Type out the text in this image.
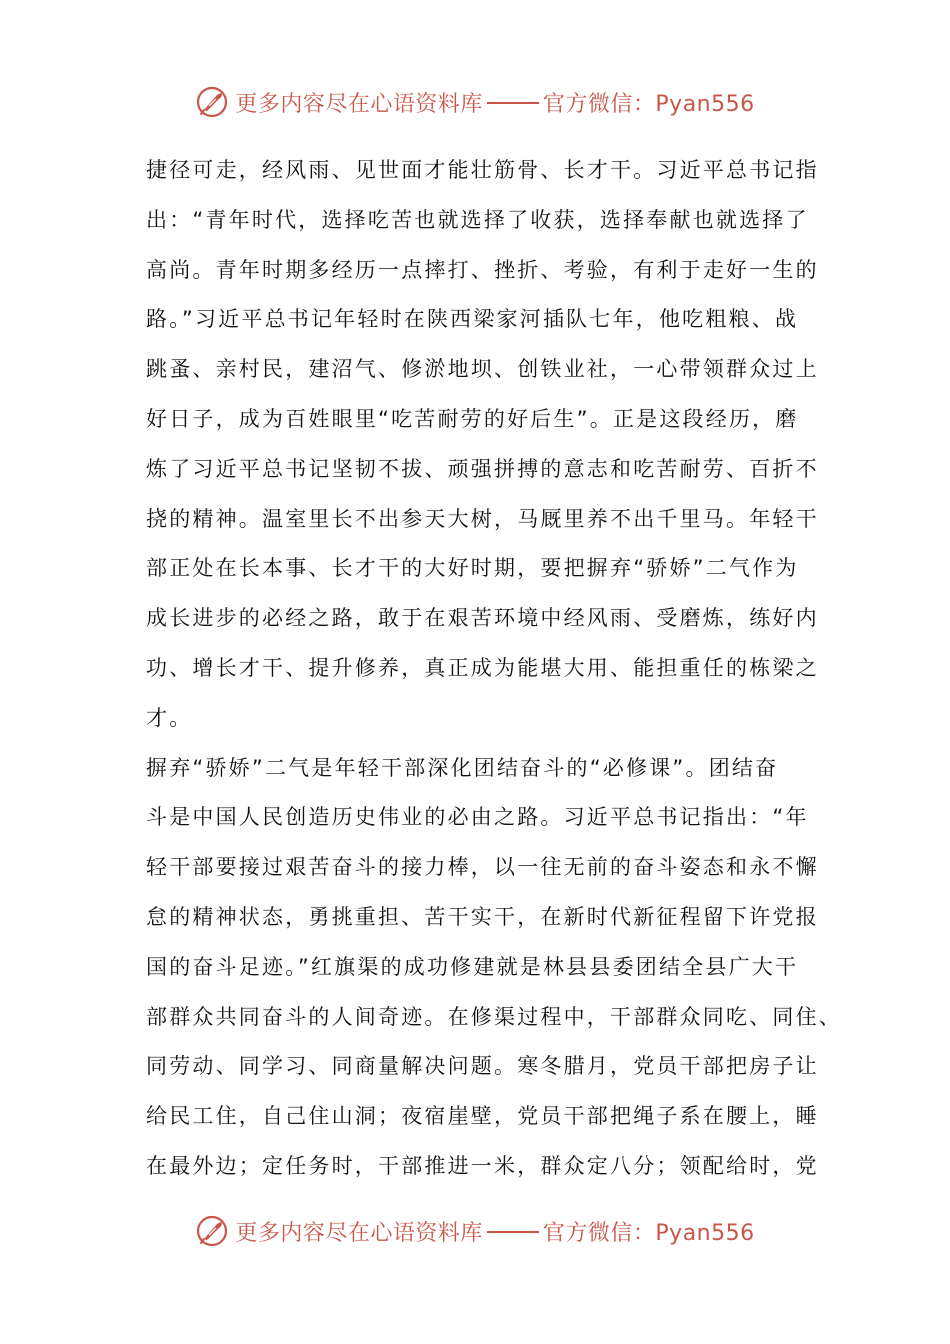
更多内容尽在心语资料库	官方微信：Pyan556
捷径可走，经风雨、见世面才能壮筋骨、长才干。习近平总书记指
出：“青年时代，选择吃苦也就选择了收获，选择奉献也就选择了
高尚。青年时期多经历一点摔打、挫折、考验，有利于走好一生的
路。”习近平总书记年轻时在陕西梁家河插队七年，他吃粗粮、战
跳蚤、亲村民，建沼气、修淤地坝、创铁业社，一心带领群众过上
好日子，成为百姓眼里“吃苦耐劳的好后生”。正是这段经历，磨
炼了习近平总书记坚韧不拔、顽强拼搏的意志和吃苦耐劳、百折不
挠的精神。温室里长不出参天大树，马厩里养不出千里马。年轻干
部正处在长本事、长才干的大好时期，要把摒弃“骄娇”二气作为
成长进步的必经之路，敢于在艰苦环境中经风雨、受磨炼，练好内
功、增长才干、提升修养，真正成为能堪大用、能担重任的栋梁之
才。
摒弃“骄娇”二气是年轻干部深化团结奋斗的“必修课”。团结奋
斗是中国人民创造历史伟业的必由之路。习近平总书记指出：“年
轻干部要接过艰苦奋斗的接力棒，以一往无前的奋斗姿态和永不懈
怠的精神状态，勇挑重担、苦干实干，在新时代新征程留下许党报
国的奋斗足迹。”红旗渠的成功修建就是林县县委团结全县广大干
部群众共同奋斗的人间奇迹。在修渠过程中，干部群众同吃、同住、
同劳动、同学习、同商量解决问题。寒冬腊月，党员干部把房子让
给民工住，自己住山洞；夜宿崖壁，党员干部把绳子系在腰上，睡
在最外边；定任务时，干部推进一米，群众定八分；领配给时，党
更多内容尽在心语资料库	官方微信：Pyan556
